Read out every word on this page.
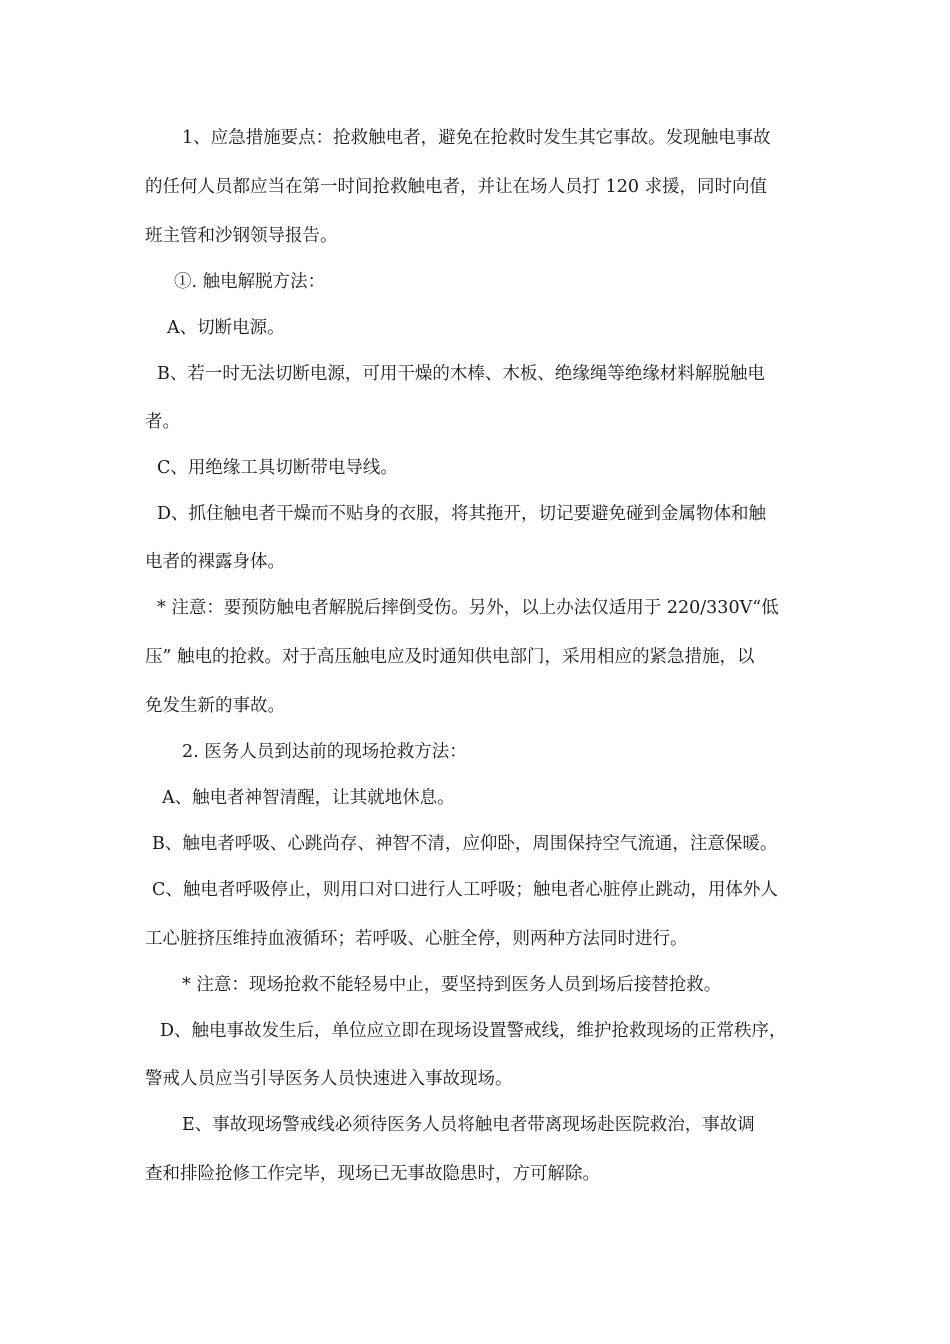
1、应急措施要点：抢救触电者，避免在抢救时发生其它事故。发现触电事故
的任何人员都应当在第一时间抢救触电者，并让在场人员打 120 求援，同时向值
班主管和沙钢领导报告。
①. 触电解脱方法：
A、切断电源。
B、若一时无法切断电源，可用干燥的木棒、木板、绝缘绳等绝缘材料解脱触电
者。
C、用绝缘工具切断带电导线。
D、抓住触电者干燥而不贴身的衣服，将其拖开，切记要避免碰到金属物体和触
电者的裸露身体。
* 注意：要预防触电者解脱后摔倒受伤。另外，以上办法仅适用于 220/330V“低
压” 触电的抢救。对于高压触电应及时通知供电部门，采用相应的紧急措施，以
免发生新的事故。
2. 医务人员到达前的现场抢救方法：
A、触电者神智清醒，让其就地休息。
B、触电者呼吸、心跳尚存、神智不清，应仰卧，周围保持空气流通，注意保暖。
C、触电者呼吸停止，则用口对口进行人工呼吸；触电者心脏停止跳动，用体外人
工心脏挤压维持血液循环；若呼吸、心脏全停，则两种方法同时进行。
* 注意：现场抢救不能轻易中止，要坚持到医务人员到场后接替抢救。
D、触电事故发生后，单位应立即在现场设置警戒线，维护抢救现场的正常秩序，
警戒人员应当引导医务人员快速进入事故现场。
E、事故现场警戒线必须待医务人员将触电者带离现场赴医院救治，事故调
查和排险抢修工作完毕，现场已无事故隐患时，方可解除。
